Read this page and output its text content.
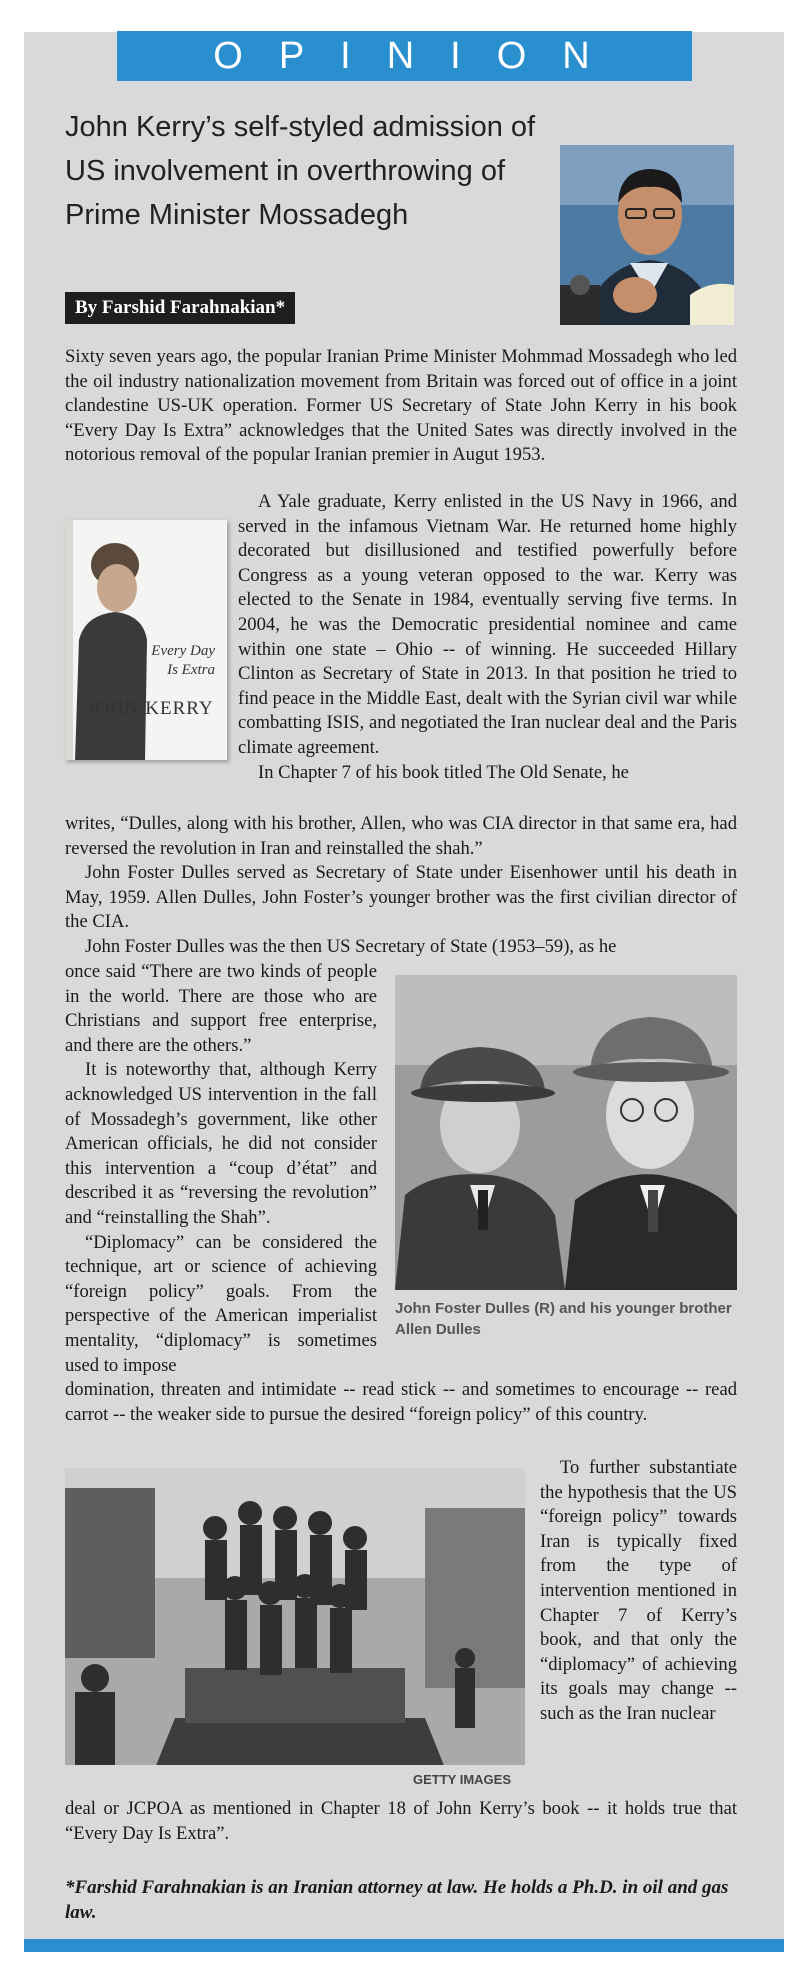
OPINION
John Kerry’s self-styled admission of US involvement in overthrowing of Prime Minister Mossadegh
By Farshid Farahnakian*

Sixty seven years ago, the popular Iranian Prime Minister Mohmmad Mossadegh who led the oil industry nationalization movement from Britain was forced out of office in a joint clandestine US-UK operation. Former US Secretary of State John Kerry in his book “Every Day Is Extra” acknowledges that the United Sates was directly involved in the notorious removal of the popular Iranian premier in Augut 1953.

Every Day
Is Extra
JOHN KERRY

A Yale graduate, Kerry enlisted in the US Navy in 1966, and served in the infamous Vietnam War. He returned home highly decorated but disillusioned and testified powerfully before Congress as a young veteran opposed to the war. Kerry was elected to the Senate in 1984, eventually serving five terms. In 2004, he was the Democratic presidential nominee and came within one state – Ohio -- of winning. He succeeded Hillary Clinton as Secretary of State in 2013. In that position he tried to find peace in the Middle East, dealt with the Syrian civil war while combatting ISIS, and negotiated the Iran nuclear deal and the Paris climate agreement.

In Chapter 7 of his book titled The Old Senate, he

writes, “Dulles, along with his brother, Allen, who was CIA director in that same era, had reversed the revolution in Iran and reinstalled the shah.”

John Foster Dulles served as Secretary of State under Eisenhower until his death in May, 1959. Allen Dulles, John Foster’s younger brother was the first civilian director of the CIA.

John Foster Dulles was the then US Secretary of State (1953–59), as he

once said “There are two kinds of people in the world. There are those who are Christians and support free enterprise, and there are the others.”

It is noteworthy that, although Kerry acknowledged US intervention in the fall of Mossadegh’s government, like other American officials, he did not consider this intervention a “coup d’état” and described it as “reversing the revolution” and “reinstalling the Shah”.

“Diplomacy” can be considered the technique, art or science of achieving “foreign policy” goals. From the perspective of the American imperialist mentality, “diplomacy” is sometimes used to impose

John Foster Dulles (R) and his younger brother Allen Dulles

domination, threaten and intimidate -- read stick -- and sometimes to encourage -- read carrot -- the weaker side to pursue the desired “foreign policy” of this country.

GETTY IMAGES

To further substantiate the hypothesis that the US “foreign policy” towards Iran is typically fixed from the type of intervention mentioned in Chapter 7 of Kerry’s book, and that only the “diplomacy” of achieving its goals may change -- such as the Iran nuclear

deal or JCPOA as mentioned in Chapter 18 of John Kerry’s book -- it holds true that “Every Day Is Extra”.

*Farshid Farahnakian is an Iranian attorney at law. He holds a Ph.D. in oil and gas law.
